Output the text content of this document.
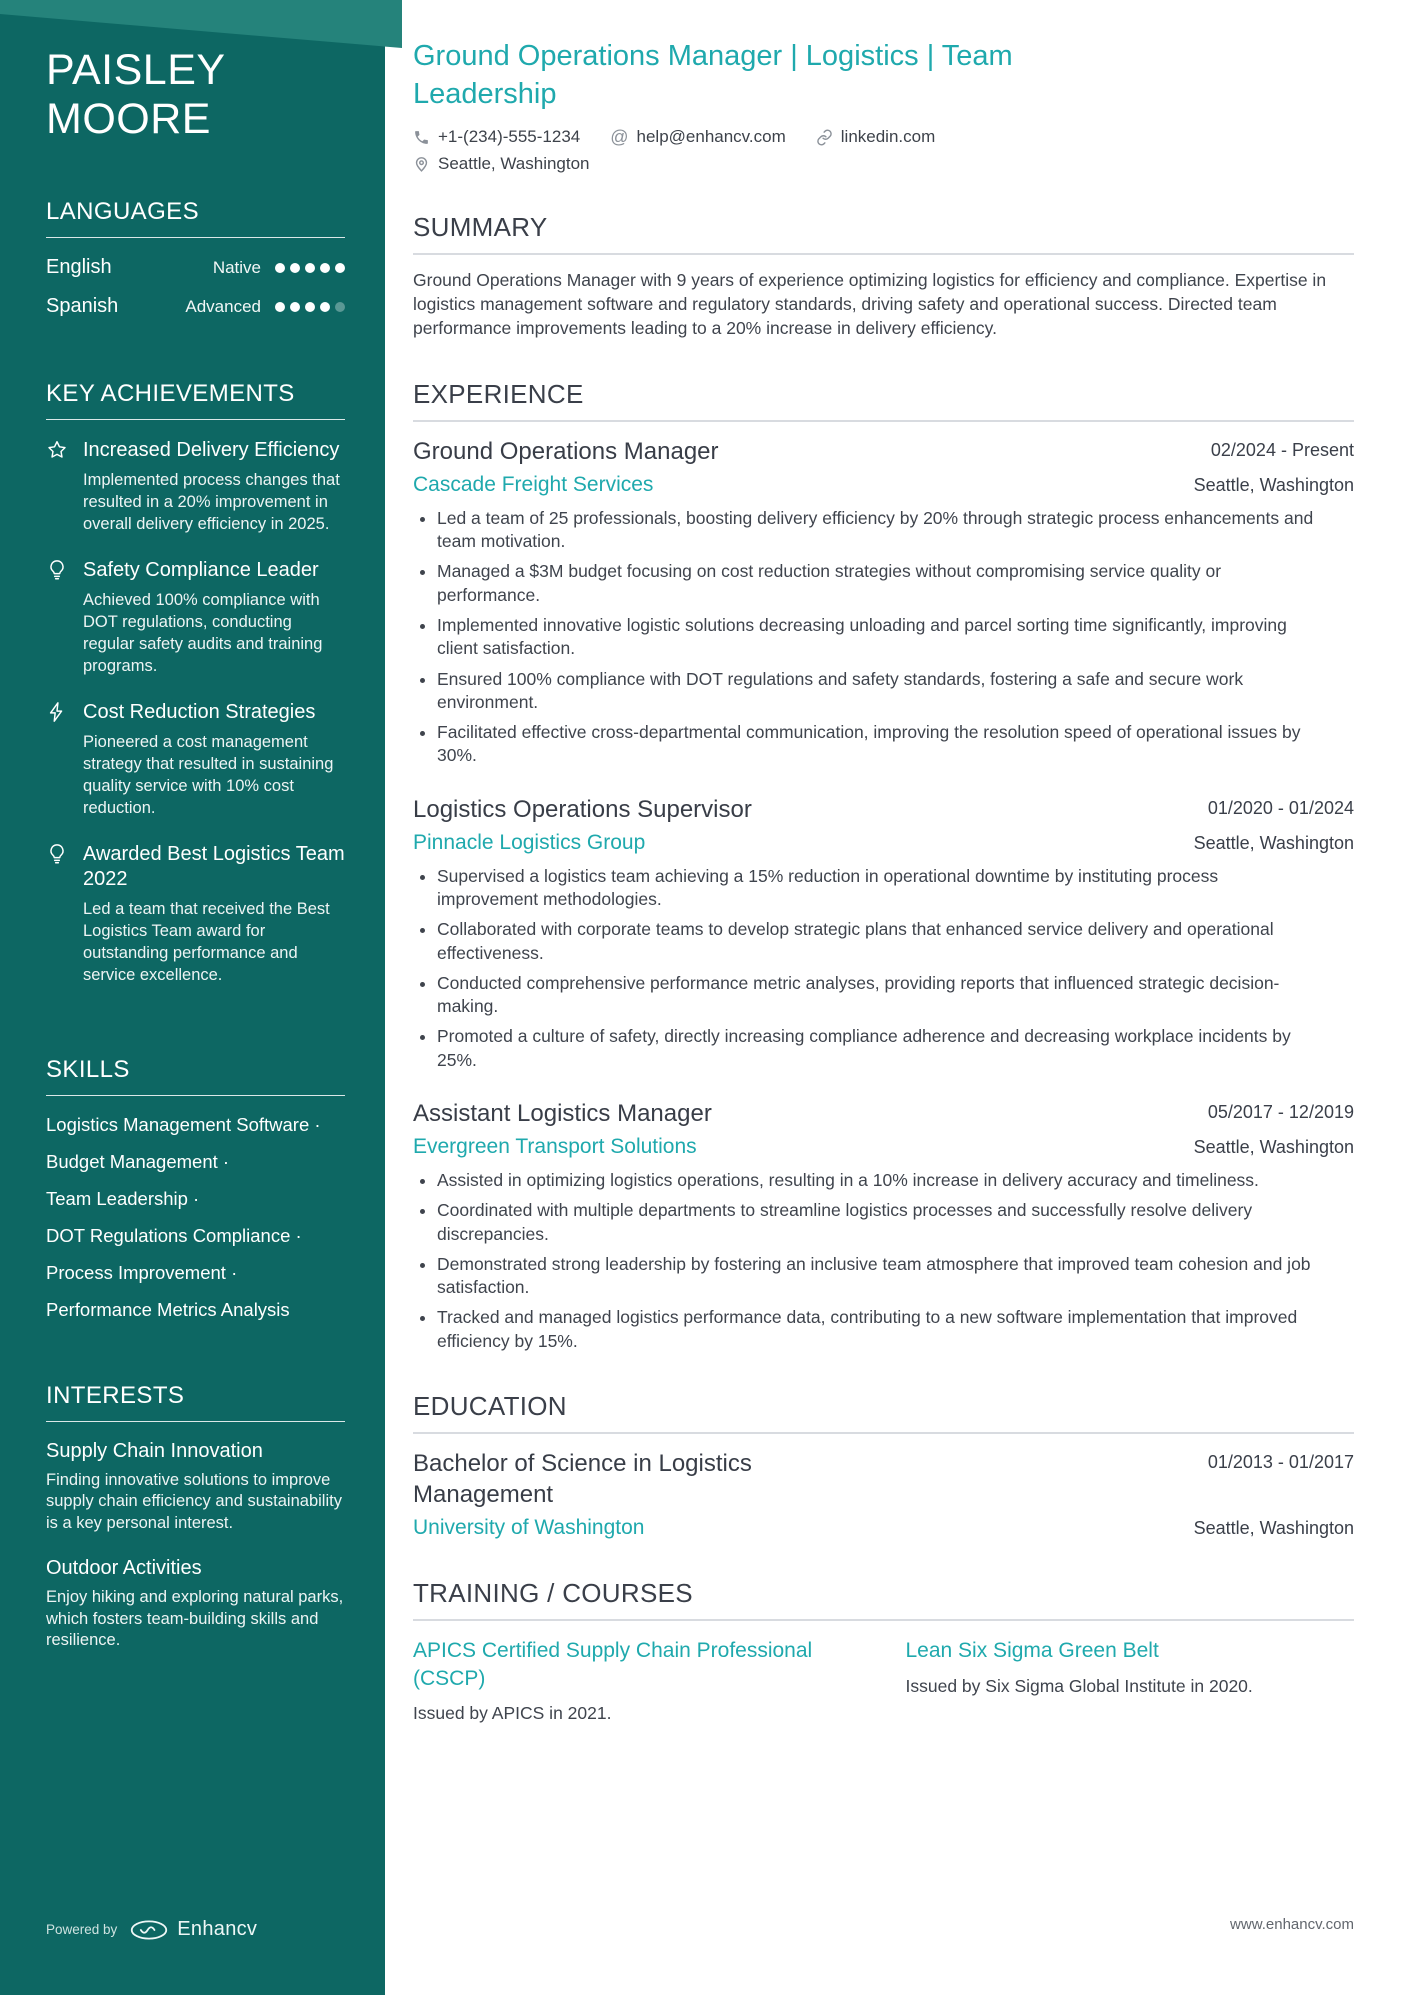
PAISLEY MOORE
LANGUAGES
English	Native
Spanish	Advanced
KEY ACHIEVEMENTS
Increased Delivery Efficiency
Implemented process changes that resulted in a 20% improvement in overall delivery efficiency in 2025.
Safety Compliance Leader
Achieved 100% compliance with DOT regulations, conducting regular safety audits and training programs.
Cost Reduction Strategies
Pioneered a cost management strategy that resulted in sustaining quality service with 10% cost reduction.
Awarded Best Logistics Team 2022
Led a team that received the Best Logistics Team award for outstanding performance and service excellence.
SKILLS
Logistics Management Software ·
Budget Management ·
Team Leadership ·
DOT Regulations Compliance ·
Process Improvement ·
Performance Metrics Analysis
INTERESTS
Supply Chain Innovation
Finding innovative solutions to improve supply chain efficiency and sustainability is a key personal interest.
Outdoor Activities
Enjoy hiking and exploring natural parks, which fosters team-building skills and resilience.
Powered by	Enhancv
Ground Operations Manager | Logistics | Team Leadership
+1-(234)-555-1234 @ help@enhancv.com	linkedin.com
Seattle, Washington
SUMMARY

Ground Operations Manager with 9 years of experience optimizing logistics for efficiency and compliance. Expertise in logistics management software and regulatory standards, driving safety and operational success. Directed team performance improvements leading to a 20% increase in delivery efficiency.

EXPERIENCE
Ground Operations Manager	02/2024 - Present
Cascade Freight Services	Seattle, Washington
• Led a team of 25 professionals, boosting delivery efficiency by 20% through strategic process enhancements and team motivation.
• Managed a $3M budget focusing on cost reduction strategies without compromising service quality or performance.
• Implemented innovative logistic solutions decreasing unloading and parcel sorting time significantly, improving client satisfaction.
• Ensured 100% compliance with DOT regulations and safety standards, fostering a safe and secure work environment.
• Facilitated effective cross-departmental communication, improving the resolution speed of operational issues by 30%.
Logistics Operations Supervisor	01/2020 - 01/2024
Pinnacle Logistics Group	Seattle, Washington
• Supervised a logistics team achieving a 15% reduction in operational downtime by instituting process improvement methodologies.
• Collaborated with corporate teams to develop strategic plans that enhanced service delivery and operational effectiveness.
• Conducted comprehensive performance metric analyses, providing reports that influenced strategic decision-making.
• Promoted a culture of safety, directly increasing compliance adherence and decreasing workplace incidents by 25%.
Assistant Logistics Manager	05/2017 - 12/2019
Evergreen Transport Solutions	Seattle, Washington
• Assisted in optimizing logistics operations, resulting in a 10% increase in delivery accuracy and timeliness.
• Coordinated with multiple departments to streamline logistics processes and successfully resolve delivery discrepancies.
• Demonstrated strong leadership by fostering an inclusive team atmosphere that improved team cohesion and job satisfaction.
• Tracked and managed logistics performance data, contributing to a new software implementation that improved efficiency by 15%.
EDUCATION
Bachelor of Science in Logistics Management
01/2013 - 01/2017
University of Washington	Seattle, Washington
TRAINING / COURSES
APICS Certified Supply Chain Professional (CSCP)

Issued by APICS in 2021.

Lean Six Sigma Green Belt

Issued by Six Sigma Global Institute in 2020.

www.enhancv.com
